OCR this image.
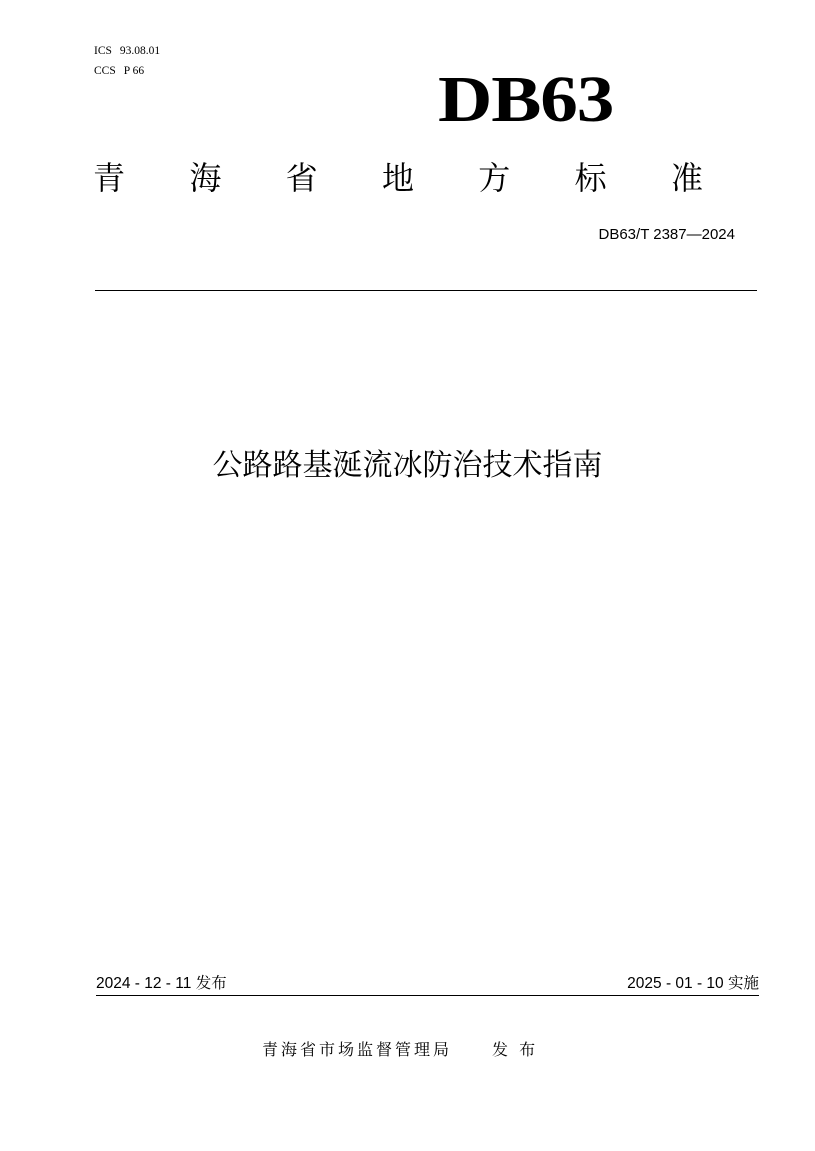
ICS 93.08.01
CCS P 66	DB63
青 海 省 地 方 标 准
DB63/T 2387—2024
公路路基涎流冰防治技术指南
2024 - 12 - 11 发布	2025 - 01 - 10 实施
青海省市场监督管理局	发 布
